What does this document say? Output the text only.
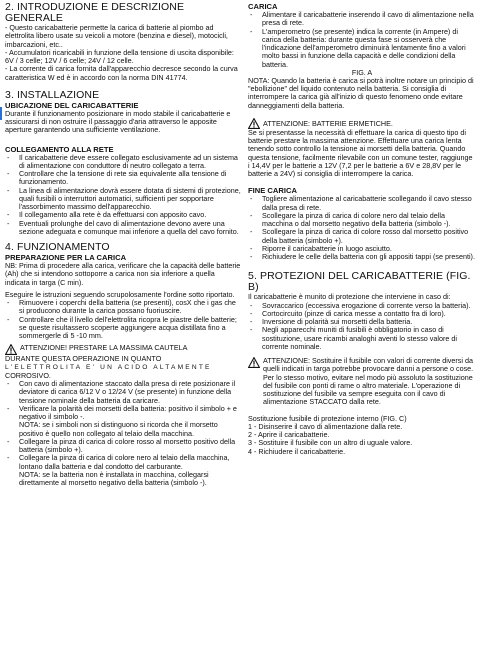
2. INTRODUZIONE E DESCRIZIONE GENERALE

- Questo caricabatterie permette la carica di batterie al piombo ad elettrolita libero usate su veicoli a motore (benzina e diesel), motocicli, imbarcazioni, etc..

- Accumulatori ricaricabili in funzione della tensione di uscita disponibile: 6V / 3 celle; 12V / 6 celle; 24V / 12 celle.

- La corrente di carica fornita dall'apparecchio decresce secondo la curva caratteristica W ed è in accordo con la norma DIN 41774.

3. INSTALLAZIONE
UBICAZIONE DEL CARICABATTERIE

Durante il funzionamento posizionare in modo stabile il caricabatterie e assicurarsi di non ostruire il passaggio d'aria attraverso le apposite aperture garantendo una sufficiente ventilazione.

COLLEGAMENTO ALLA RETE
- Il caricabatterie deve essere collegato esclusivamente ad un sistema di alimentazione con conduttore di neutro collegato a terra.
- Controllare che la tensione di rete sia equivalente alla tensione di funzionamento.
- La linea di alimentazione dovrà essere dotata di sistemi di protezione, quali fusibili o interruttori automatici, sufficienti per sopportare l'assorbimento massimo dell'apparecchio.
- Il collegamento alla rete è da effettuarsi con apposito cavo.
- Eventuali prolunghe del cavo di alimentazione devono avere una sezione adeguata e comunque mai inferiore a quella del cavo fornito.
4. FUNZIONAMENTO
PREPARAZIONE PER LA CARICA

NB: Prima di procedere alla carica, verificare che la capacità delle batterie (Ah) che si intendono sottoporre a carica non sia inferiore a quella indicata in targa (C min).

Eseguire le istruzioni seguendo scrupolosamente l'ordine sotto riportato.

- Rimuovere i coperchi della batteria (se presenti), cosX che i gas che si producono durante la carica possano fuoriuscire.
- Controllare che il livello dell'elettrolita ricopra le piastre delle batterie; se queste risultassero scoperte aggiungere acqua distillata fino a sommergerle di 5 -10 mm.

ATTENZIONE! PRESTARE LA MASSIMA CAUTELA

DURANTE QUESTA OPERAZIONE IN QUANTO

L'ELETTROLITA E' UN ACIDO ALTAMENTE

CORROSIVO.

- Con cavo di alimentazione staccato dalla presa di rete posizionare il deviatore di carica 6/12 V o 12/24 V (se presente) in funzione della tensione nominale della batteria da caricare.
- Verificare la polarità dei morsetti della batteria: positivo il simbolo + e negativo il simbolo -.
NOTA: se i simboli non si distinguono si ricorda che il morsetto positivo è quello non collegato al telaio della macchina.
- Collegare la pinza di carica di colore rosso al morsetto positivo della batteria (simbolo +).
- Collegare la pinza di carica di colore nero al telaio della macchina, lontano dalla batteria e dal condotto del carburante.
NOTA: se la batteria non è installata in macchina, collegarsi direttamente al morsetto negativo della batteria (simbolo -).
CARICA
- Alimentare il caricabatterie inserendo il cavo di alimentazione nella presa di rete.
- L'amperometro (se presente) indica la corrente (in Ampere) di carica della batteria: durante questa fase si osserverà che l'indicazione dell'amperometro diminuirà lentamente fino a valori molto bassi in funzione della capacità e delle condizioni della batteria.

FIG. A

NOTA: Quando la batteria è carica si potrà inoltre notare un principio di "ebollizione" del liquido contenuto nella batteria. Si consiglia di interrompere la carica già all'inizio di questo fenomeno onde evitare danneggiamenti della batteria.

ATTENZIONE: BATTERIE ERMETICHE.

Se si presentasse la necessità di effettuare la carica di questo tipo di batterie prestare la massima attenzione. Effettuare una carica lenta tenendo sotto controllo la tensione ai morsetti della batteria. Quando questa tensione, facilmente rilevabile con un comune tester, raggiunge i 14,4V per le batterie a 12V (7,2 per le batterie a 6V e 28,8V per le batterie a 24V) si consiglia di interrompere la carica.

FINE CARICA
- Togliere alimentazione al caricabatterie scollegando il cavo stesso dalla presa di rete.
- Scollegare la pinza di carica di colore nero dal telaio della macchina o dal morsetto negativo della batteria (simbolo -).
- Scollegare la pinza di carica di colore rosso dal morsetto positivo della batteria (simbolo +).
- Riporre il caricabatterie in luogo asciutto.
- Richiudere le celle della batteria con gli appositi tappi (se presenti).
5. PROTEZIONI DEL CARICABATTERIE (FIG. B)

Il caricabatterie è munito di protezione che interviene in caso di:

- Sovraccarico (eccessiva erogazione di corrente verso la batteria).
- Cortocircuito (pinze di carica messe a contatto fra di loro).
- Inversione di polarità sui morsetti della batteria.
- Negli apparecchi muniti di fusibili è obbligatorio in caso di sostituzione, usare ricambi analoghi aventi lo stesso valore di corrente nominale.

ATTENZIONE: Sostituire il fusibile con valori di corrente diversi da quelli indicati in targa potrebbe provocare danni a persone o cose. Per lo stesso motivo, evitare nel modo più assoluto la sostituzione del fusibile con ponti di rame o altro materiale. L'operazione di sostituzione del fusibile va sempre eseguita con il cavo di alimentazione STACCATO dalla rete.

Sostituzione fusibile di protezione interno (FIG. C)

1 - Disinserire il cavo di alimentazione dalla rete.

2 - Aprire il caricabatterie.

3 - Sostituire il fusibile con un altro di uguale valore.

4 - Richiudere il caricabatterie.
